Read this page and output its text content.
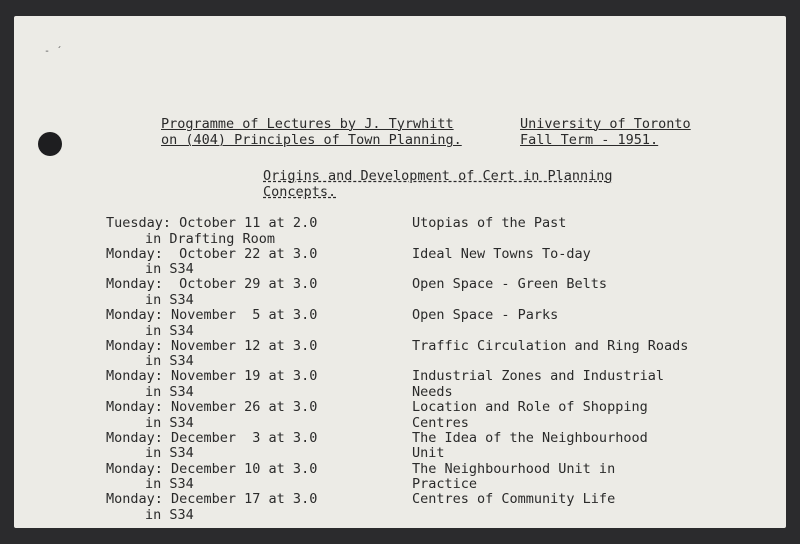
- ´
Programme of Lectures by J. Tyrwhitt
on (404) Principles of Town Planning.
University of Toronto
Fall Term - 1951.
Origins and Development of Cert in Planning
Concepts.
Tuesday: October 11 at 2.0
in Drafting Room
Utopias of the Past
Monday:  October 22 at 3.0
in S34
Ideal New Towns To-day
Monday:  October 29 at 3.0
in S34
Open Space - Green Belts
Monday: November  5 at 3.0
in S34
Open Space - Parks
Monday: November 12 at 3.0
in S34
Traffic Circulation and Ring Roads
Monday: November 19 at 3.0
in S34
Industrial Zones and Industrial
Needs
Monday: November 26 at 3.0
in S34
Location and Role of Shopping
Centres
Monday: December  3 at 3.0
in S34
The Idea of the Neighbourhood
Unit
Monday: December 10 at 3.0
in S34
The Neighbourhood Unit in
Practice
Monday: December 17 at 3.0
in S34
Centres of Community Life
